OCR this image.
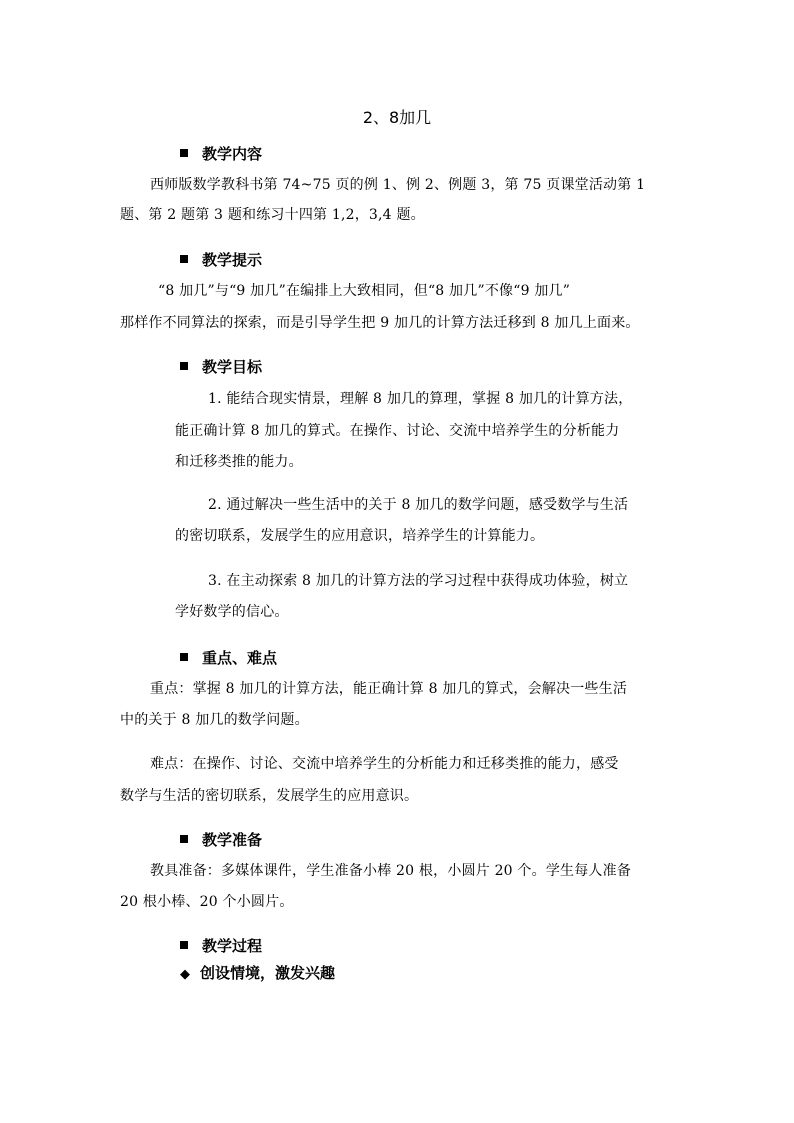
2、8加几
教学内容
西师版数学教科书第 74~75 页的例 1、例 2、例题 3，第 75 页课堂活动第 1
题、第 2 题第 3 题和练习十四第 1,2，3,4 题。
教学提示
“8 加几”与“9 加几”在编排上大致相同，但“8 加几”不像“9 加几”
那样作不同算法的探索，而是引导学生把 9 加几的计算方法迁移到 8 加几上面来。
教学目标
1. 能结合现实情景，理解 8 加几的算理，掌握 8 加几的计算方法，
能正确计算 8 加几的算式。在操作、讨论、交流中培养学生的分析能力
和迁移类推的能力。
2. 通过解决一些生活中的关于 8 加几的数学问题，感受数学与生活
的密切联系，发展学生的应用意识，培养学生的计算能力。
3. 在主动探索 8 加几的计算方法的学习过程中获得成功体验，树立
学好数学的信心。
重点、难点
重点：掌握 8 加几的计算方法，能正确计算 8 加几的算式，会解决一些生活
中的关于 8 加几的数学问题。
难点：在操作、讨论、交流中培养学生的分析能力和迁移类推的能力，感受
数学与生活的密切联系，发展学生的应用意识。
教学准备
教具准备：多媒体课件，学生准备小棒 20 根，小圆片 20 个。学生每人准备
20 根小棒、20 个小圆片。
教学过程
◆ 创设情境，激发兴趣
